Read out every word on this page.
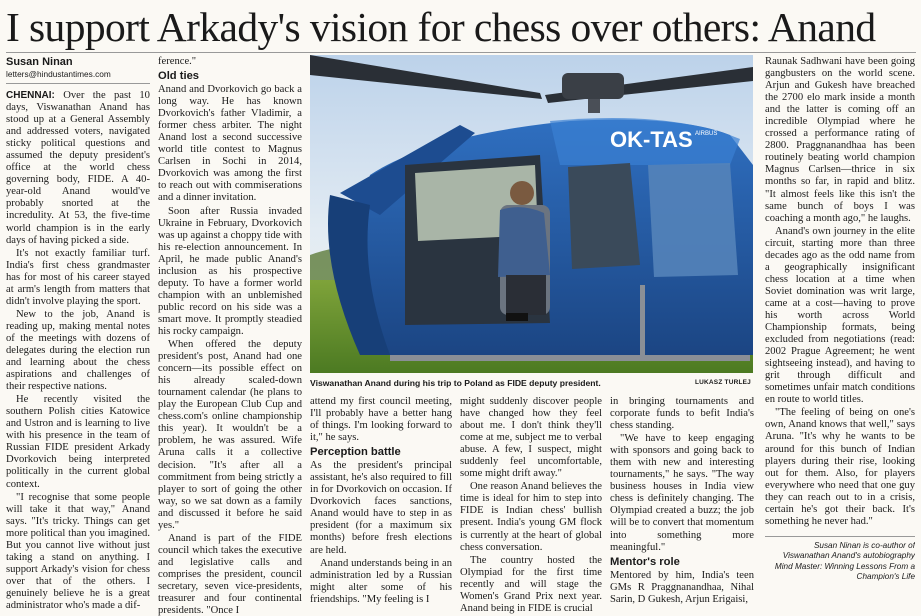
I support Arkady's vision for chess over others: Anand
Susan Ninan
letters@hindustantimes.com

CHENNAI: Over the past 10 days, Viswanathan Anand has stood up at a General Assembly and addressed voters, navigated sticky political questions and assumed the deputy president's office at the world chess governing body, FIDE. A 40-year-old Anand would've probably snorted at the incredulity. At 53, the five-time world champion is in the early days of having picked a side.

It's not exactly familiar turf. India's first chess grandmaster has for most of his career stayed at arm's length from matters that didn't involve playing the sport.

New to the job, Anand is reading up, making mental notes of the meetings with dozens of delegates during the election run and learning about the chess aspirations and challenges of their respective nations.

He recently visited the southern Polish cities Katowice and Ustron and is learning to live with his presence in the team of Russian FIDE president Arkady Dvorkovich being interpreted politically in the current global context.

"I recognise that some people will take it that way," Anand says. "It's tricky. Things can get more political than you imagined. But you cannot live without just taking a stand on anything. I support Arkady's vision for chess over that of the others. I genuinely believe he is a great administrator who's made a dif-

ference."

Old ties

Anand and Dvorkovich go back a long way. He has known Dvorkovich's father Vladimir, a former chess arbiter. The night Anand lost a second successive world title contest to Magnus Carlsen in Sochi in 2014, Dvorkovich was among the first to reach out with commiserations and a dinner invitation.

Soon after Russia invaded Ukraine in February, Dvorkovich was up against a choppy tide with his re-election announcement. In April, he made public Anand's inclusion as his prospective deputy. To have a former world champion with an unblemished public record on his side was a smart move. It promptly steadied his rocky campaign.

When offered the deputy president's post, Anand had one concern—its possible effect on his already scaled-down tournament calendar (he plans to play the European Club Cup and chess.com's online championship this year). It wouldn't be a problem, he was assured. Wife Aruna calls it a collective decision. "It's after all a commitment from being strictly a player to sort of going the other way, so we sat down as a family and discussed it before he said yes."

Anand is part of the FIDE council which takes the executive and legislative calls and comprises the president, council secretary, seven vice-presidents, treasurer and four continental presidents. "Once I

OK-TAS AIRBUS
Viswanathan Anand during his trip to Poland as FIDE deputy president.	LUKASZ TURLEJ

attend my first council meeting, I'll probably have a better hang of things. I'm looking forward to it," he says.

Perception battle

As the president's principal assistant, he's also required to fill in for Dvorkovich on occasion. If Dvorkovich faces sanctions, Anand would have to step in as president (for a maximum six months) before fresh elections are held.

Anand understands being in an administration led by a Russian might alter some of his friendships. "My feeling is I

might suddenly discover people have changed how they feel about me. I don't think they'll come at me, subject me to verbal abuse. A few, I suspect, might suddenly feel uncomfortable, some might drift away."

One reason Anand believes the time is ideal for him to step into FIDE is Indian chess' bullish present. India's young GM flock is currently at the heart of global chess conversation.

The country hosted the Olympiad for the first time recently and will stage the Women's Grand Prix next year. Anand being in FIDE is crucial

in bringing tournaments and corporate funds to befit India's chess standing.

"We have to keep engaging with sponsors and going back to them with new and interesting tournaments," he says. "The way business houses in India view chess is definitely changing. The Olympiad created a buzz; the job will be to convert that momentum into something more meaningful."

Mentor's role

Mentored by him, India's teen GMs R Praggnanandhaa, Nihal Sarin, D Gukesh, Arjun Erigaisi,

Raunak Sadhwani have been going gangbusters on the world scene. Arjun and Gukesh have breached the 2700 elo mark inside a month and the latter is coming off an incredible Olympiad where he crossed a performance rating of 2800. Praggnanandhaa has been routinely beating world champion Magnus Carlsen—thrice in six months so far, in rapid and blitz. "It almost feels like this isn't the same bunch of boys I was coaching a month ago," he laughs.

Anand's own journey in the elite circuit, starting more than three decades ago as the odd name from a geographically insignificant chess location at a time when Soviet domination was writ large, came at a cost—having to prove his worth across World Championship formats, being excluded from negotiations (read: 2002 Prague Agreement; he went sightseeing instead), and having to grit through difficult and sometimes unfair match conditions en route to world titles.

"The feeling of being on one's own, Anand knows that well," says Aruna. "It's why he wants to be around for this bunch of Indian players during their rise, looking out for them. Also, for players everywhere who need that one guy they can reach out to in a crisis, certain he's got their back. It's something he never had."

Susan Ninan is co-author of Viswanathan Anand's autobiography Mind Master: Winning Lessons From a Champion's Life
